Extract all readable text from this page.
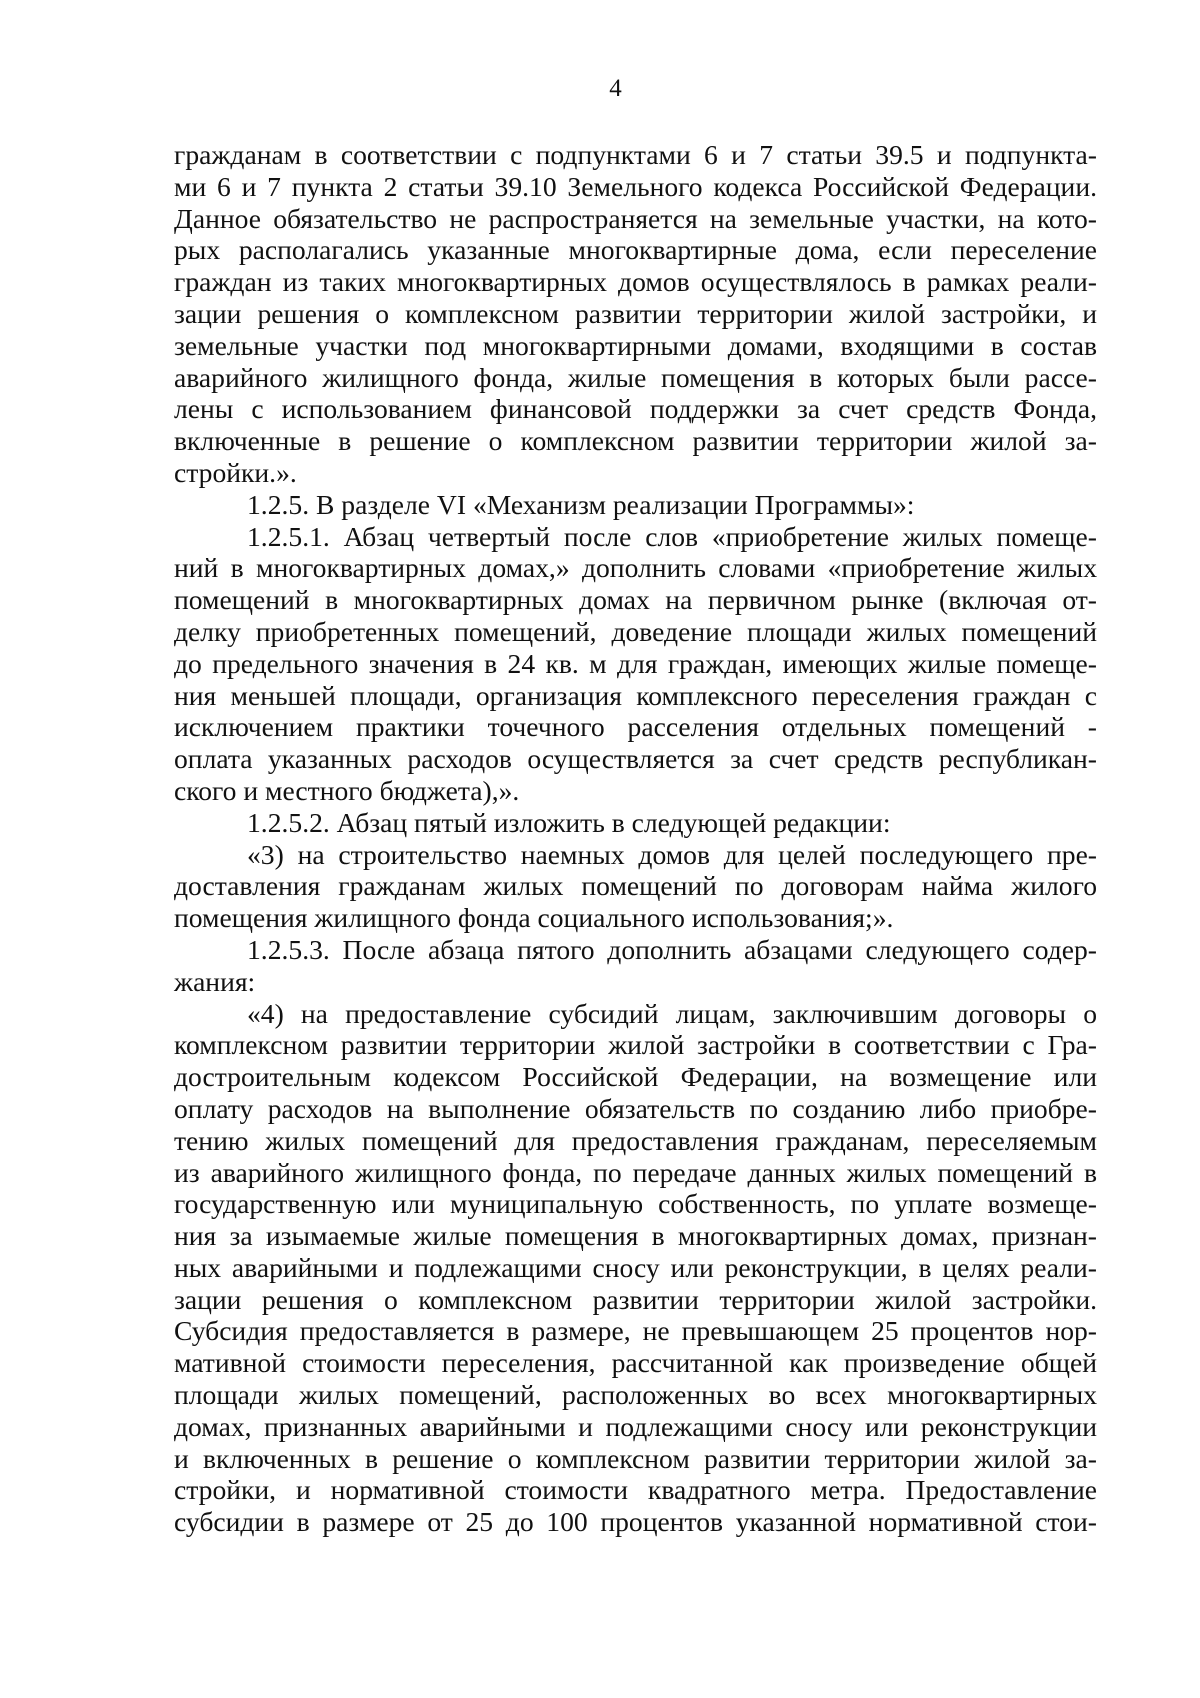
4
гражданам в соответствии с подпунктами 6 и 7 статьи 39.5 и подпункта-
ми 6 и 7 пункта 2 статьи 39.10 Земельного кодекса Российской Федерации.
Данное обязательство не распространяется на земельные участки, на кото-
рых располагались указанные многоквартирные дома, если переселение
граждан из таких многоквартирных домов осуществлялось в рамках реали-
зации решения о комплексном развитии территории жилой застройки, и
земельные участки под многоквартирными домами, входящими в состав
аварийного жилищного фонда, жилые помещения в которых были рассе-
лены с использованием финансовой поддержки за счет средств Фонда,
включенные в решение о комплексном развитии территории жилой за-
стройки.».
1.2.5. В разделе VI «Механизм реализации Программы»:
1.2.5.1. Абзац четвертый после слов «приобретение жилых помеще-
ний в многоквартирных домах,» дополнить словами «приобретение жилых
помещений в многоквартирных домах на первичном рынке (включая от-
делку приобретенных помещений, доведение площади жилых помещений
до предельного значения в 24 кв. м для граждан, имеющих жилые помеще-
ния меньшей площади, организация комплексного переселения граждан с
исключением практики точечного расселения отдельных помещений -
оплата указанных расходов осуществляется за счет средств республикан-
ского и местного бюджета),».
1.2.5.2. Абзац пятый изложить в следующей редакции:
«3) на строительство наемных домов для целей последующего пре-
доставления гражданам жилых помещений по договорам найма жилого
помещения жилищного фонда социального использования;».
1.2.5.3. После абзаца пятого дополнить абзацами следующего содер-
жания:
«4) на предоставление субсидий лицам, заключившим договоры о
комплексном развитии территории жилой застройки в соответствии с Гра-
достроительным кодексом Российской Федерации, на возмещение или
оплату расходов на выполнение обязательств по созданию либо приобре-
тению жилых помещений для предоставления гражданам, переселяемым
из аварийного жилищного фонда, по передаче данных жилых помещений в
государственную или муниципальную собственность, по уплате возмеще-
ния за изымаемые жилые помещения в многоквартирных домах, признан-
ных аварийными и подлежащими сносу или реконструкции, в целях реали-
зации решения о комплексном развитии территории жилой застройки.
Субсидия предоставляется в размере, не превышающем 25 процентов нор-
мативной стоимости переселения, рассчитанной как произведение общей
площади жилых помещений, расположенных во всех многоквартирных
домах, признанных аварийными и подлежащими сносу или реконструкции
и включенных в решение о комплексном развитии территории жилой за-
стройки, и нормативной стоимости квадратного метра. Предоставление
субсидии в размере от 25 до 100 процентов указанной нормативной стои-
